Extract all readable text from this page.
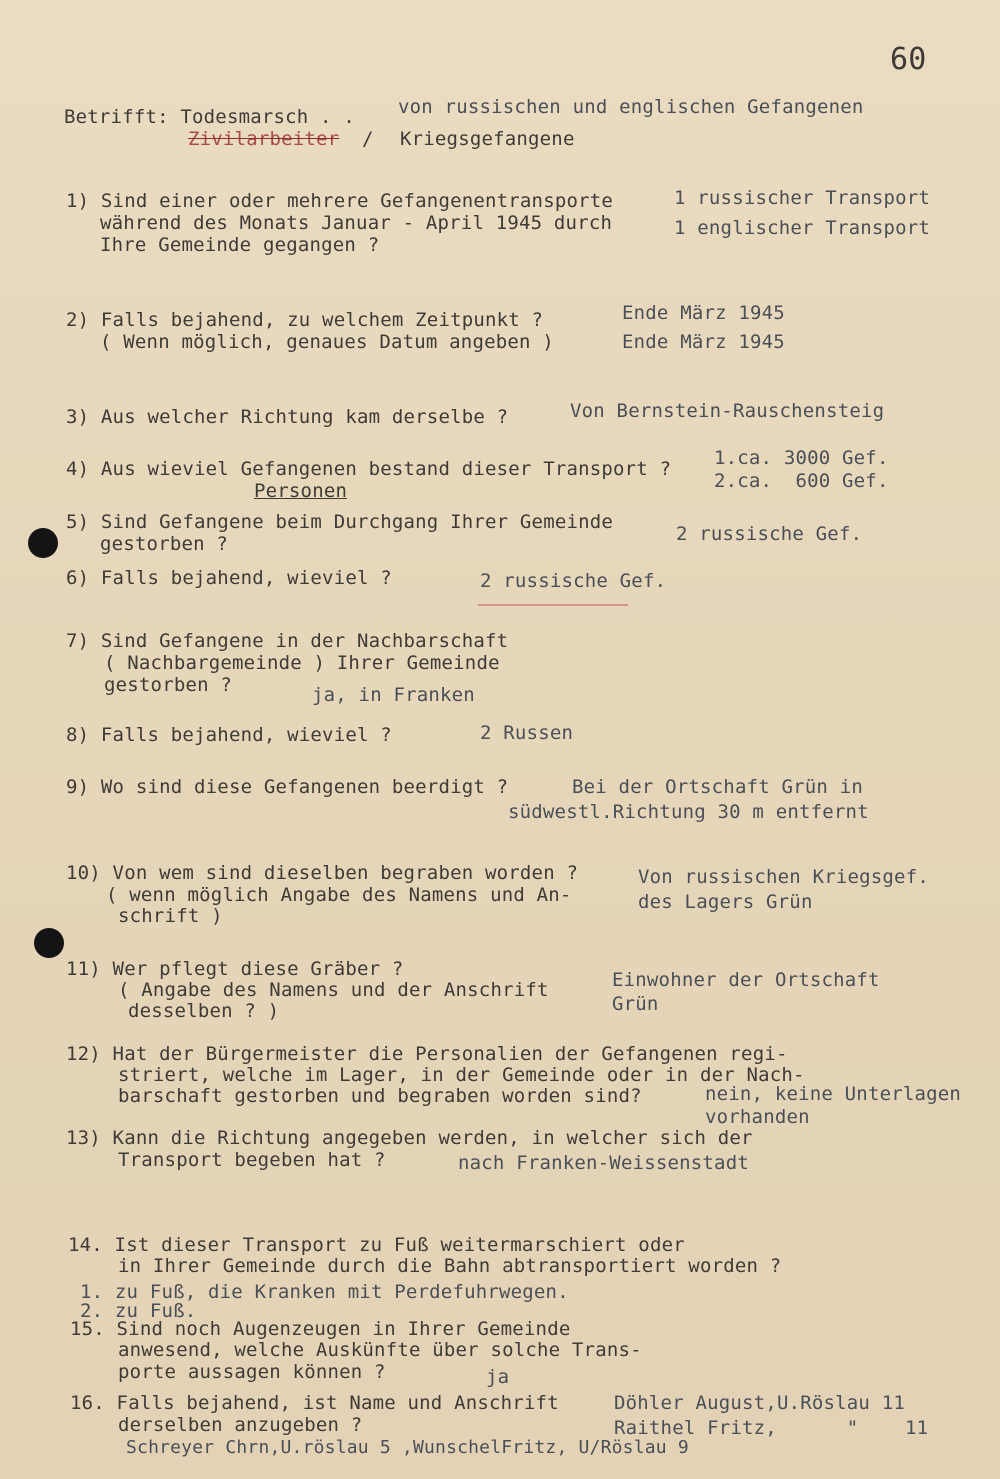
60
Betrifft: Todesmarsch . . von russischen und englischen Gefangenen
Zivilarbeiter / Kriegsgefangene
1) Sind einer oder mehrere Gefangenentransporte
während des Monats Januar - April 1945 durch
Ihre Gemeinde gegangen ?
1 russischer Transport
1 englischer Transport
2) Falls bejahend, zu welchem Zeitpunkt ?
( Wenn möglich, genaues Datum angeben )
Ende März 1945
Ende März 1945
3) Aus welcher Richtung kam derselbe ?	Von Bernstein-Rauschensteig
4) Aus wieviel Gefangenen bestand dieser Transport ?
Personen
1.ca. 3000 Gef.
2.ca.  600 Gef.
5) Sind Gefangene beim Durchgang Ihrer Gemeinde
gestorben ?	2 russische Gef.
6) Falls bejahend, wieviel ?	2 russische Gef.
7) Sind Gefangene in der Nachbarschaft
( Nachbargemeinde ) Ihrer Gemeinde
gestorben ?	ja, in Franken
8) Falls bejahend, wieviel ?	2 Russen
9) Wo sind diese Gefangenen beerdigt ?	Bei der Ortschaft Grün in
südwestl.Richtung 30 m entfernt
10) Von wem sind dieselben begraben worden ?
( wenn möglich Angabe des Namens und An-
schrift )
Von russischen Kriegsgef.
des Lagers Grün
11) Wer pflegt diese Gräber ?
( Angabe des Namens und der Anschrift
desselben ? )
Einwohner der Ortschaft
Grün
12) Hat der Bürgermeister die Personalien der Gefangenen regi-
striert, welche im Lager, in der Gemeinde oder in der Nach-
barschaft gestorben und begraben worden sind?	nein, keine Unterlagen
vorhanden
13) Kann die Richtung angegeben werden, in welcher sich der
Transport begeben hat ?	nach Franken-Weissenstadt
14. Ist dieser Transport zu Fuß weitermarschiert oder
in Ihrer Gemeinde durch die Bahn abtransportiert worden ?
1. zu Fuß, die Kranken mit Perdefuhrwegen.
2. zu Fuß.
15. Sind noch Augenzeugen in Ihrer Gemeinde
anwesend, welche Auskünfte über solche Trans-
porte aussagen können ?	ja
16. Falls bejahend, ist Name und Anschrift
derselben anzugeben ?
Döhler August,U.Röslau 11
Raithel Fritz,      "    11
Schreyer Chrn,U.röslau 5 ,WunschelFritz, U/Röslau 9
